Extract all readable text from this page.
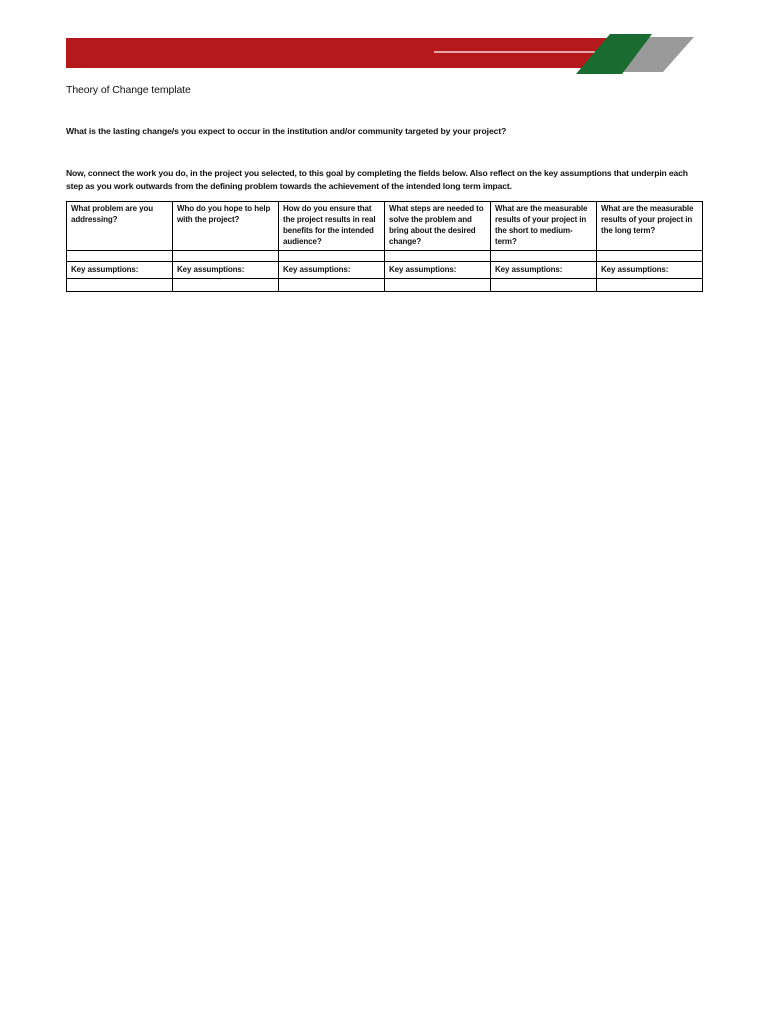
Theory of Change template
What is the lasting change/s you expect to occur in the institution and/or community targeted by your project?
Now, connect the work you do, in the project you selected, to this goal by completing the fields below. Also reflect on the key assumptions that underpin each step as you work outwards from the defining problem towards the achievement of the intended long term impact.
What problem are you addressing?	Who do you hope to help with the project?	How do you ensure that the project results in real benefits for the intended audience?	What steps are needed to solve the problem and bring about the desired change?	What are the measurable results of your project in the short to medium-term?	What are the measurable results of your project in the long term?

Key assumptions:	Key assumptions:	Key assumptions:	Key assumptions:	Key assumptions:	Key assumptions:
